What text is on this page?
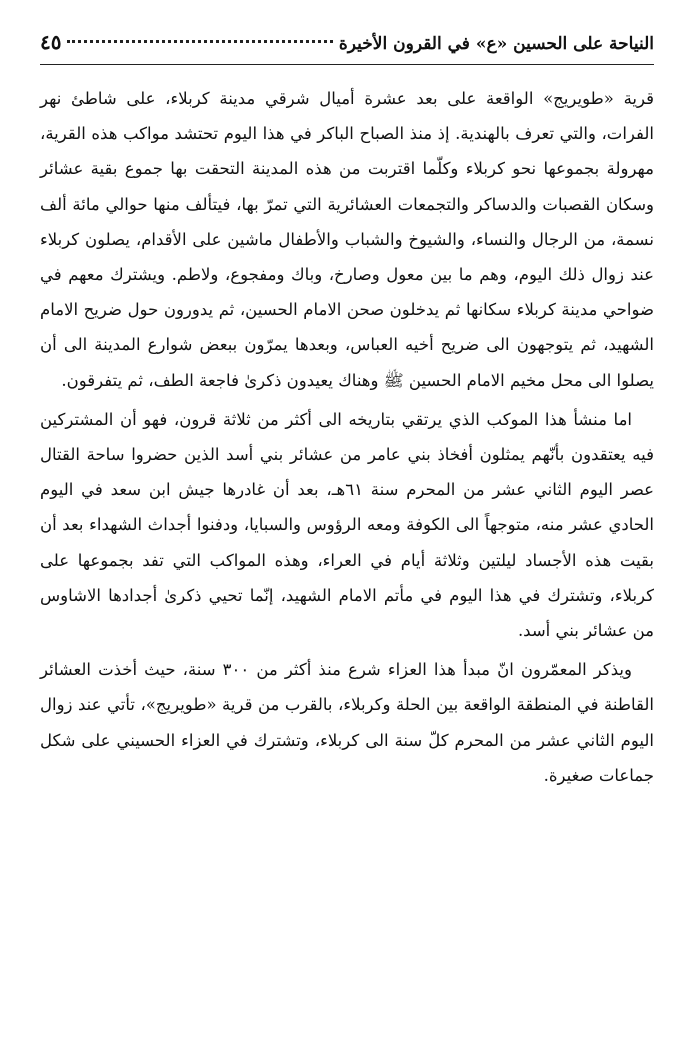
النياحة على الحسين «ع» في القرون الأخيرة
٤٥

قرية «طويريج» الواقعة على بعد عشرة أميال شرقي مدينة كربلاء، على شاطئ نهر الفرات، والتي تعرف بالهندية. إذ منذ الصباح الباكر في هذا اليوم تحتشد مواكب هذه القرية، مهرولة بجموعها نحو كربلاء وكلّما اقتربت من هذه المدينة التحقت بها جموع بقية عشائر وسكان القصبات والدساكر والتجمعات العشائرية التي تمرّ بها، فيتألف منها حوالي مائة ألف نسمة، من الرجال والنساء، والشيوخ والشباب والأطفال ماشين على الأقدام، يصلون كربلاء عند زوال ذلك اليوم، وهم ما بين معول وصارخ، وباك ومفجوع، ولاطم. ويشترك معهم في ضواحي مدينة كربلاء سكانها ثم يدخلون صحن الامام الحسين، ثم يدورون حول ضريح الامام الشهيد، ثم يتوجهون الى ضريح أخيه العباس، وبعدها يمرّون ببعض شوارع المدينة الى أن يصلوا الى محل مخيم الامام الحسين ﷺ وهناك يعيدون ذكرىٰ فاجعة الطف، ثم يتفرقون.

اما منشأ هذا الموكب الذي يرتقي بتاريخه الى أكثر من ثلاثة قرون، فهو أن المشتركين فيه يعتقدون بأنّهم يمثلون أفخاذ بني عامر من عشائر بني أسد الذين حضروا ساحة القتال عصر اليوم الثاني عشر من المحرم سنة ٦١هـ، بعد أن غادرها جيش ابن سعد في اليوم الحادي عشر منه، متوجهاً الى الكوفة ومعه الرؤوس والسبايا، ودفنوا أجداث الشهداء بعد أن بقيت هذه الأجساد ليلتين وثلاثة أيام في العراء، وهذه المواكب التي تفد بجموعها على كربلاء، وتشترك في هذا اليوم في مأتم الامام الشهيد، إنّما تحيي ذكرىٰ أجدادها الاشاوس من عشائر بني أسد.

ويذكر المعمّرون انّ مبدأ هذا العزاء شرع منذ أكثر من ٣٠٠ سنة، حيث أخذت العشائر القاطنة في المنطقة الواقعة بين الحلة وكربلاء، بالقرب من قرية «طويريج»، تأتي عند زوال اليوم الثاني عشر من المحرم كلّ سنة الى كربلاء، وتشترك في العزاء الحسيني على شكل جماعات صغيرة.
